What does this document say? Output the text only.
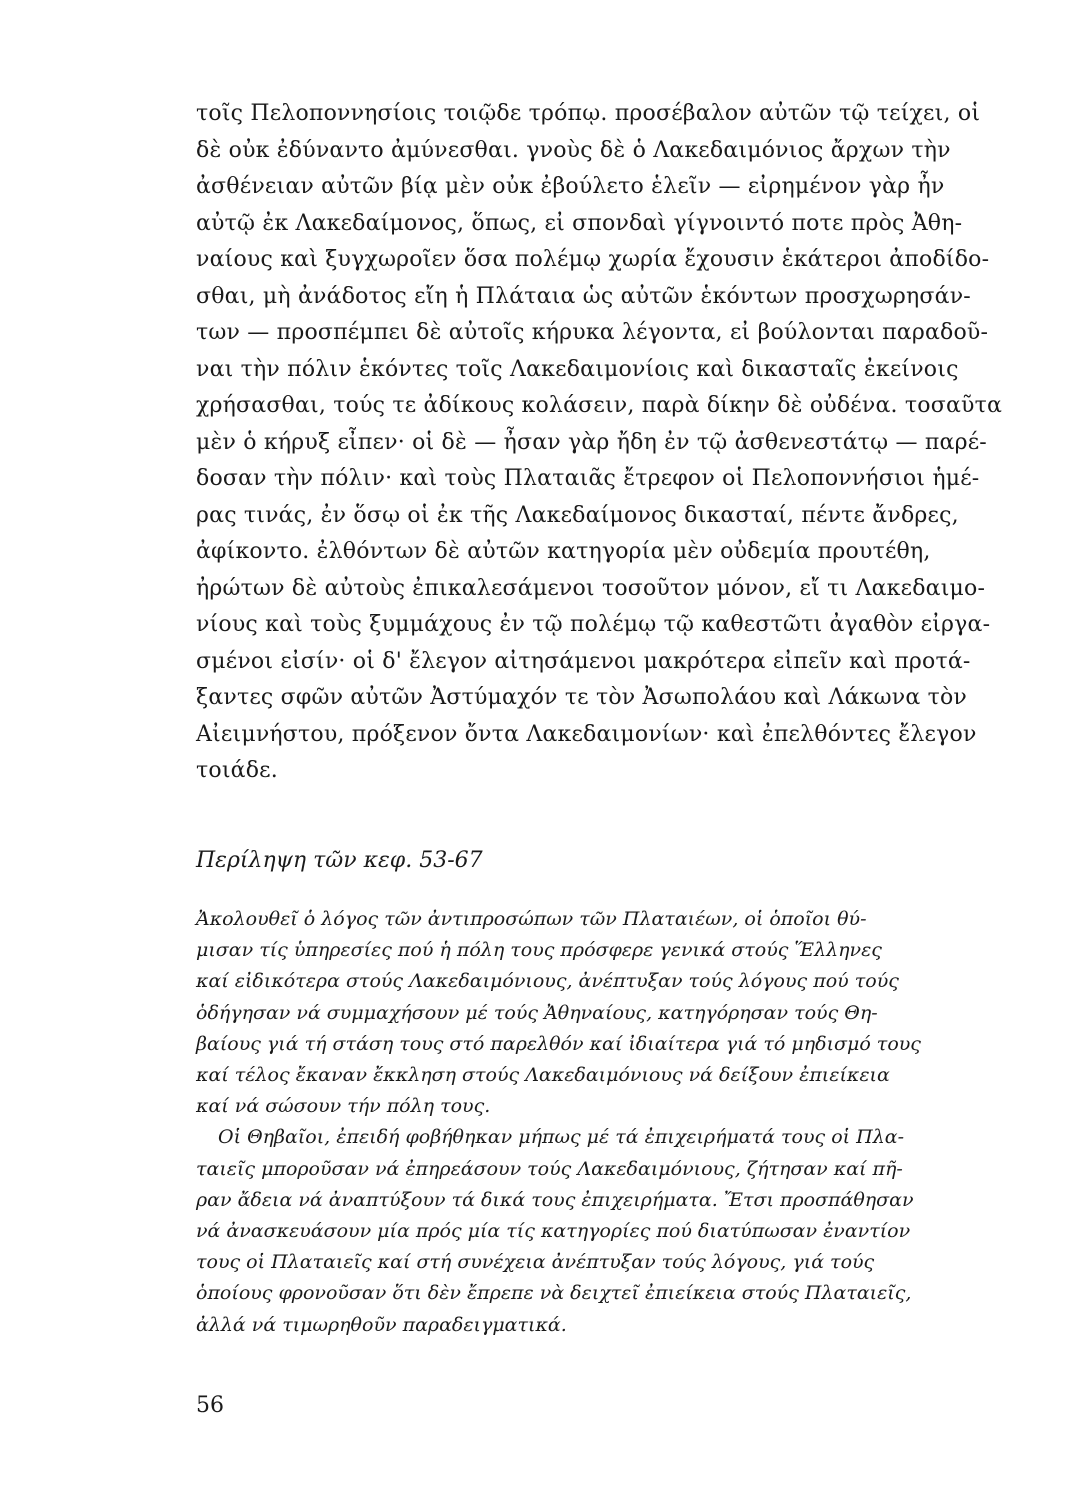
τοῖς Πελοποννησίοις τοιῷδε τρόπῳ. προσέβαλον αὐτῶν τῷ τείχει, οἱ
δὲ οὐκ ἐδύναντο ἀμύνεσθαι. γνοὺς δὲ ὁ Λακεδαιμόνιος ἄρχων τὴν
ἀσθένειαν αὐτῶν βίᾳ μὲν οὐκ ἐβούλετο ἑλεῖν — εἰρημένον γὰρ ἦν
αὐτῷ ἐκ Λακεδαίμονος, ὅπως, εἰ σπονδαὶ γίγνοιντό ποτε πρὸς Ἀθη-
ναίους καὶ ξυγχωροῖεν ὅσα πολέμῳ χωρία ἔχουσιν ἑκάτεροι ἀποδίδο-
σθαι, μὴ ἀνάδοτος εἴη ἡ Πλάταια ὡς αὐτῶν ἑκόντων προσχωρησάν-
των — προσπέμπει δὲ αὐτοῖς κήρυκα λέγοντα, εἰ βούλονται παραδοῦ-
ναι τὴν πόλιν ἑκόντες τοῖς Λακεδαιμονίοις καὶ δικασταῖς ἐκείνοις
χρήσασθαι, τούς τε ἀδίκους κολάσειν, παρὰ δίκην δὲ οὐδένα. τοσαῦτα
μὲν ὁ κήρυξ εἶπεν· οἱ δὲ — ἦσαν γὰρ ἤδη ἐν τῷ ἀσθενεστάτῳ — παρέ-
δοσαν τὴν πόλιν· καὶ τοὺς Πλαταιᾶς ἔτρεφον οἱ Πελοποννήσιοι ἡμέ-
ρας τινάς, ἐν ὅσῳ οἱ ἐκ τῆς Λακεδαίμονος δικασταί, πέντε ἄνδρες,
ἀφίκοντο. ἐλθόντων δὲ αὐτῶν κατηγορία μὲν οὐδεμία προυτέθη,
ἠρώτων δὲ αὐτοὺς ἐπικαλεσάμενοι τοσοῦτον μόνον, εἴ τι Λακεδαιμο-
νίους καὶ τοὺς ξυμμάχους ἐν τῷ πολέμῳ τῷ καθεστῶτι ἀγαθὸν εἰργα-
σμένοι εἰσίν· οἱ δ' ἔλεγον αἰτησάμενοι μακρότερα εἰπεῖν καὶ προτά-
ξαντες σφῶν αὐτῶν Ἀστύμαχόν τε τὸν Ἀσωπολάου καὶ Λάκωνα τὸν
Αἰειμνήστου, πρόξενον ὄντα Λακεδαιμονίων· καὶ ἐπελθόντες ἔλεγον
τοιάδε.
Περίληψη τῶν κεφ. 53-67
Ἀκολουθεῖ ὁ λόγος τῶν ἀντιπροσώπων τῶν Πλαταιέων, οἱ ὁποῖοι θύ-
μισαν τίς ὑπηρεσίες πού ἡ πόλη τους πρόσφερε γενικά στούς Ἕλληνες
καί εἰδικότερα στούς Λακεδαιμόνιους, ἀνέπτυξαν τούς λόγους πού τούς
ὁδήγησαν νά συμμαχήσουν μέ τούς Ἀθηναίους, κατηγόρησαν τούς Θη-
βαίους γιά τή στάση τους στό παρελθόν καί ἰδιαίτερα γιά τό μηδισμό τους
καί τέλος ἔκαναν ἔκκληση στούς Λακεδαιμόνιους νά δείξουν ἐπιείκεια
καί νά σώσουν τήν πόλη τους.
Οἱ Θηβαῖοι, ἐπειδή φοβήθηκαν μήπως μέ τά ἐπιχειρήματά τους οἱ Πλα-
ταιεῖς μποροῦσαν νά ἐπηρεάσουν τούς Λακεδαιμόνιους, ζήτησαν καί πῆ-
ραν ἄδεια νά ἀναπτύξουν τά δικά τους ἐπιχειρήματα. Ἔτσι προσπάθησαν
νά ἀνασκευάσουν μία πρός μία τίς κατηγορίες πού διατύπωσαν ἐναντίον
τους οἱ Πλαταιεῖς καί στή συνέχεια ἀνέπτυξαν τούς λόγους, γιά τούς
ὁποίους φρονοῦσαν ὅτι δὲν ἔπρεπε νὰ δειχτεῖ ἐπιείκεια στούς Πλαταιεῖς,
ἀλλά νά τιμωρηθοῦν παραδειγματικά.
56
